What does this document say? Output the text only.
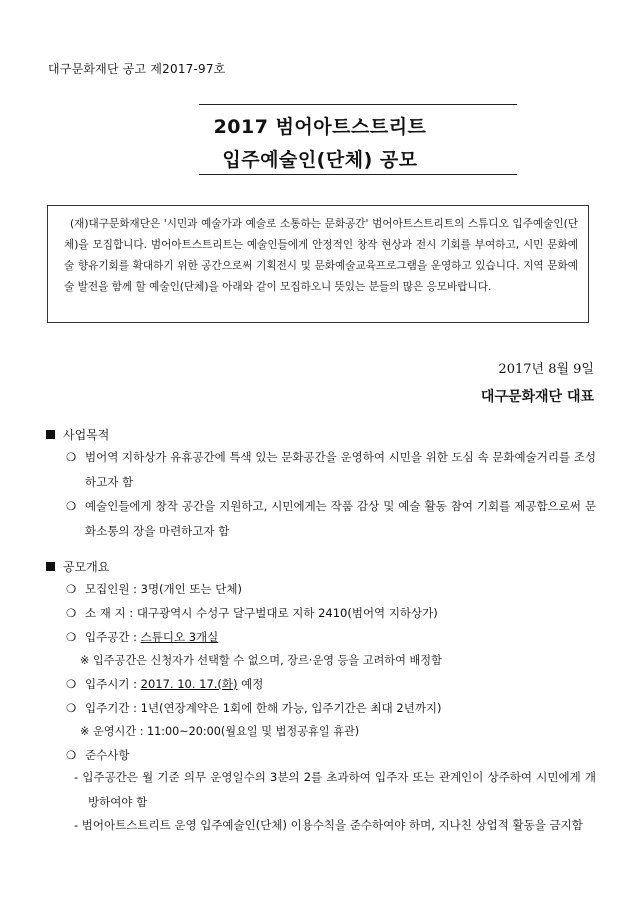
대구문화재단 공고 제2017-97호
2017 범어아트스트리트
입주예술인(단체) 공모

(재)대구문화재단은 '시민과 예술가과 예술로 소통하는 문화공간' 범어아트스트리트의 스튜디오 입주예술인(단체)을 모집합니다. 범어아트스트리트는 예술인들에게 안정적인 창작 현상과 전시 기회를 부여하고, 시민 문화예술 향유기회를 확대하기 위한 공간으로써 기획전시 및 문화예술교육프로그램을 운영하고 있습니다. 지역 문화예술 발전을 함께 할 예술인(단체)을 아래와 같이 모집하오니 뜻있는 분들의 많은 응모바랍니다.

2017년 8월 9일
대구문화재단 대표
사업목적
❍ 범어역 지하상가 유휴공간에 특색 있는 문화공간을 운영하여 시민을 위한 도심 속 문화예술거리를 조성하고자 함
❍ 예술인들에게 창작 공간을 지원하고, 시민에게는 작품 감상 및 예술 활동 참여 기회를 제공함으로써 문화소통의 장을 마련하고자 함
공모개요
❍ 모집인원 : 3명(개인 또는 단체)
❍ 소 재 지 : 대구광역시 수성구 달구벌대로 지하 2410(범어역 지하상가)
❍ 입주공간 : 스튜디오 3개실
※ 입주공간은 신청자가 선택할 수 없으며, 장르·운영 등을 고려하여 배정함
❍ 입주시기 : 2017. 10. 17.(화) 예정
❍ 입주기간 : 1년(연장계약은 1회에 한해 가능, 입주기간은 최대 2년까지)
※ 운영시간 : 11:00~20:00(월요일 및 법정공휴일 휴관)
❍ 준수사항
- 입주공간은 월 기준 의무 운영일수의 3분의 2를 초과하여 입주자 또는 관계인이 상주하여 시민에게 개방하여야 함
- 범어아트스트리트 운영 입주예술인(단체) 이용수칙을 준수하여야 하며, 지나친 상업적 활동을 금지함
